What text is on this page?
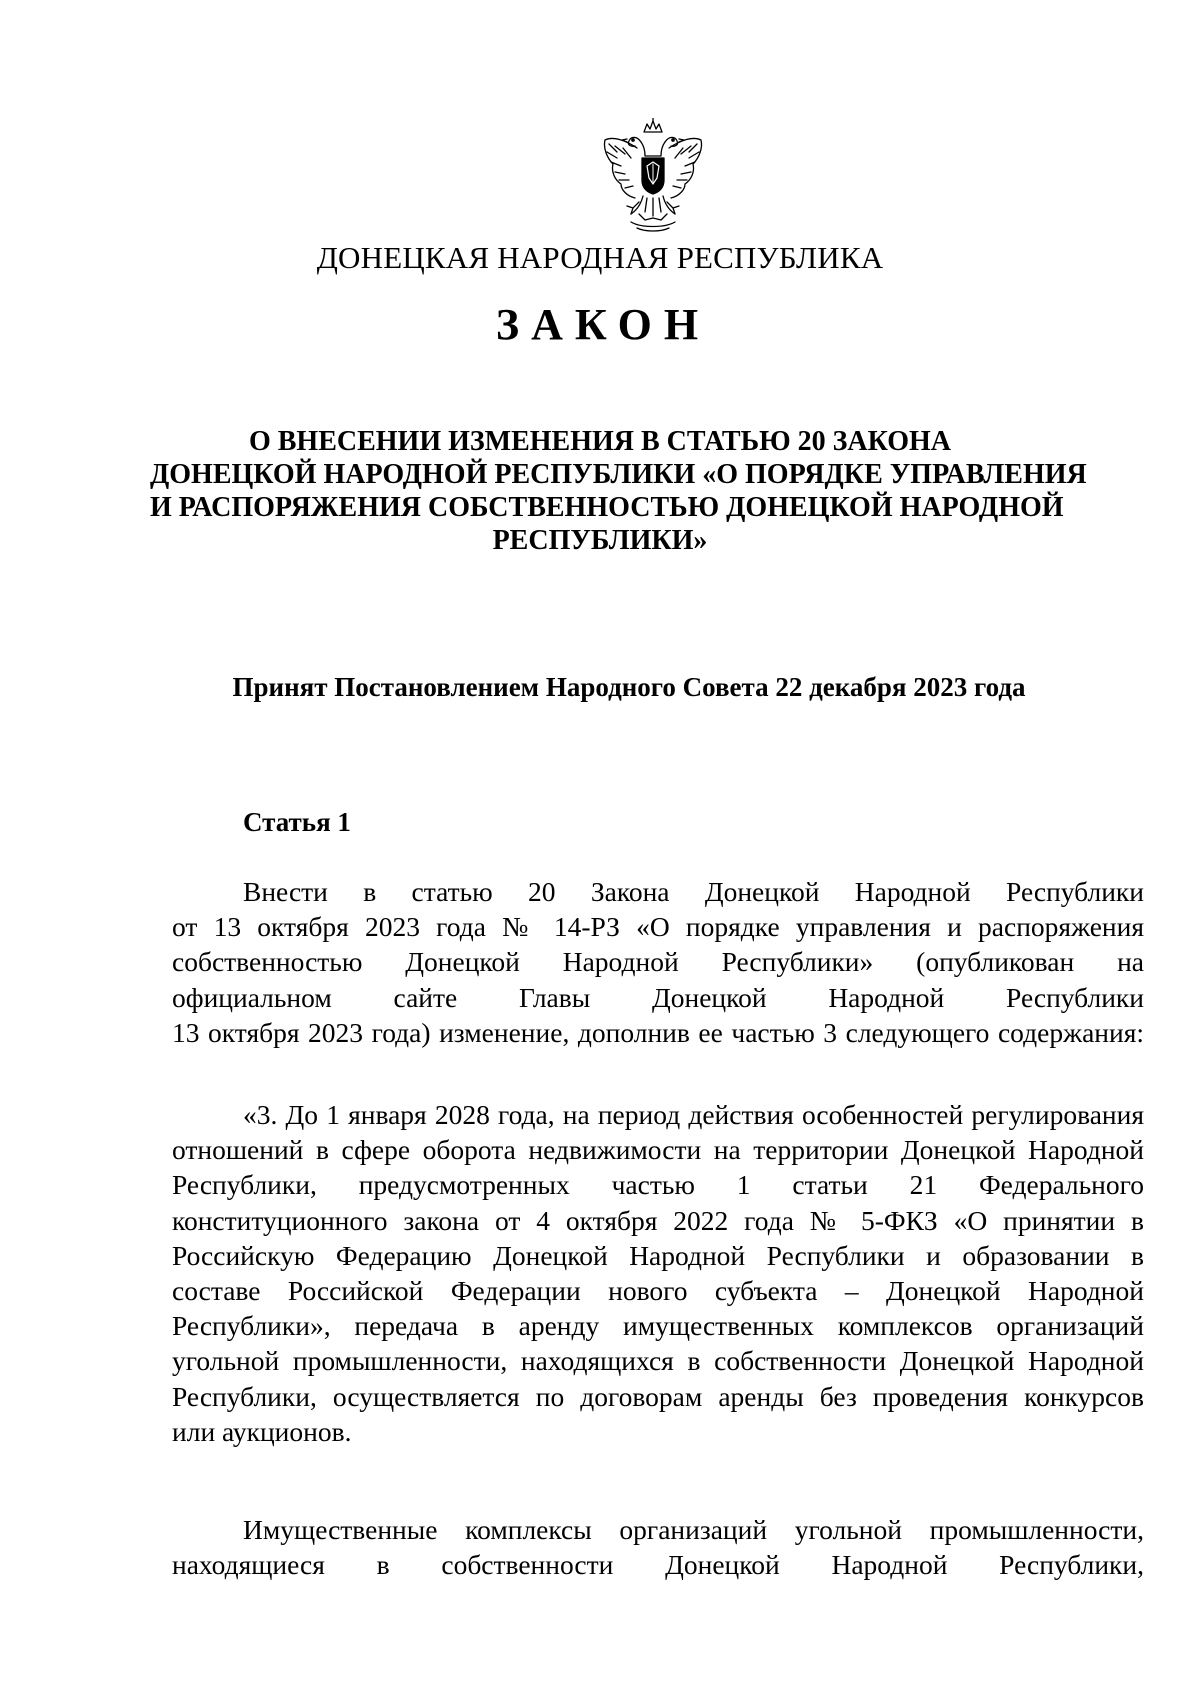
ДОНЕЦКАЯ НАРОДНАЯ РЕСПУБЛИКА
ЗАКОН
О ВНЕСЕНИИ ИЗМЕНЕНИЯ В СТАТЬЮ 20 ЗАКОНА
ДОНЕЦКОЙ НАРОДНОЙ РЕСПУБЛИКИ «О ПОРЯДКЕ УПРАВЛЕНИЯ
И РАСПОРЯЖЕНИЯ СОБСТВЕННОСТЬЮ ДОНЕЦКОЙ НАРОДНОЙ
РЕСПУБЛИКИ»
Принят Постановлением Народного Совета 22 декабря 2023 года
Статья 1
Внести в статью 20 Закона Донецкой Народной Республики
от 13 октября 2023 года № 14-РЗ «О порядке управления и распоряжения
собственностью Донецкой Народной Республики» (опубликован на
официальном сайте Главы Донецкой Народной Республики
13 октября 2023 года) изменение, дополнив ее частью 3 следующего содержания:
«3. До 1 января 2028 года, на период действия особенностей регулирования
отношений в сфере оборота недвижимости на территории Донецкой Народной
Республики, предусмотренных частью 1 статьи 21 Федерального
конституционного закона от 4 октября 2022 года № 5-ФКЗ «О принятии в
Российскую Федерацию Донецкой Народной Республики и образовании в
составе Российской Федерации нового субъекта – Донецкой Народной
Республики», передача в аренду имущественных комплексов организаций
угольной промышленности, находящихся в собственности Донецкой Народной
Республики, осуществляется по договорам аренды без проведения конкурсов
или аукционов.
Имущественные комплексы организаций угольной промышленности,
находящиеся в собственности Донецкой Народной Республики,
